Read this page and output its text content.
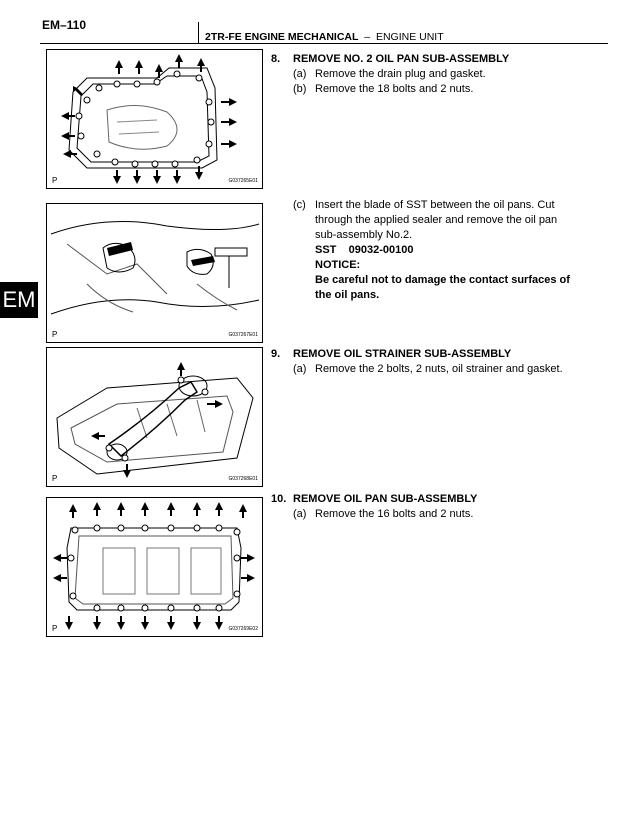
EM–110
2TR-FE ENGINE MECHANICAL – ENGINE UNIT
EM
P	G037265E01
P	G037267E01
P	G037268E01
P	G037269E02
8. REMOVE NO. 2 OIL PAN SUB-ASSEMBLY
(a) Remove the drain plug and gasket.
(b) Remove the 18 bolts and 2 nuts.
(c) Insert the blade of SST between the oil pans. Cut
through the applied sealer and remove the oil pan
sub-assembly No.2.
SST 09032-00100
NOTICE:
Be careful not to damage the contact surfaces of
the oil pans.
9. REMOVE OIL STRAINER SUB-ASSEMBLY
(a) Remove the 2 bolts, 2 nuts, oil strainer and gasket.
10. REMOVE OIL PAN SUB-ASSEMBLY
(a) Remove the 16 bolts and 2 nuts.
